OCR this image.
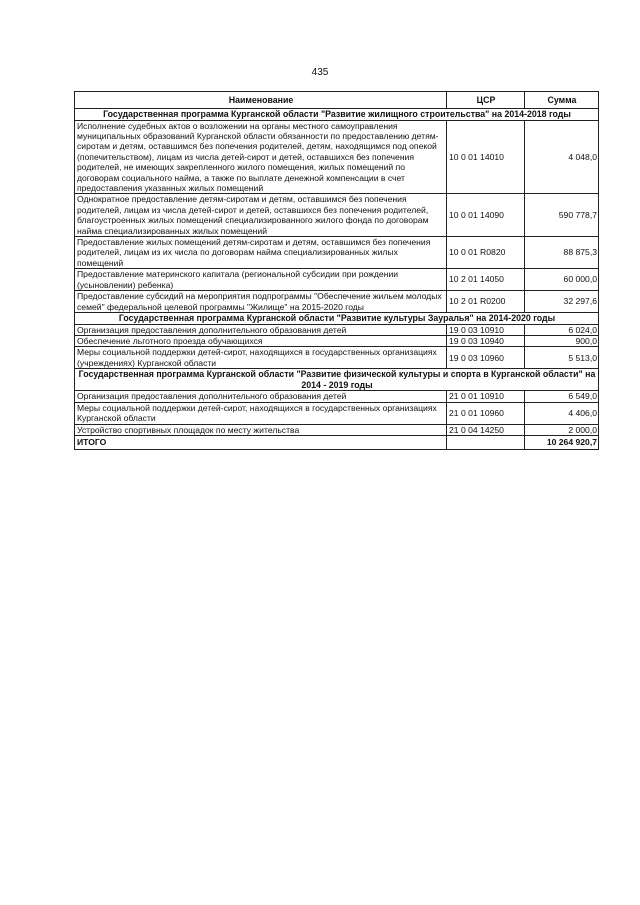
435
Наименование	ЦСР	Сумма
Государственная программа Курганской области "Развитие жилищного строительства" на 2014-2018 годы		
Исполнение судебных актов о возложении на органы местного самоуправления муниципальных образований Курганской области обязанности по предоставлению детям-сиротам и детям, оставшимся без попечения родителей, детям, находящимся под опекой (попечительством), лицам из числа детей-сирот и детей, оставшихся без попечения родителей, не имеющих закрепленного жилого помещения, жилых помещений по договорам социального найма, а также по выплате денежной компенсации в счет предоставления указанных жилых помещений	10 0 01 14010	4 048,0
Однократное предоставление детям-сиротам и детям, оставшимся без попечения родителей, лицам из числа детей-сирот и детей, оставшихся без попечения родителей, благоустроенных жилых помещений специализированного жилого фонда по договорам найма специализированных жилых помещений	10 0 01 14090	590 778,7
Предоставление жилых помещений детям-сиротам и детям, оставшимся без попечения родителей, лицам из их числа по договорам найма специализированных жилых помещений	10 0 01 R0820	88 875,3
Предоставление материнского капитала (региональной субсидии при рождении (усыновлении) ребенка)	10 2 01 14050	60 000,0
Предоставление субсидий на мероприятия подпрограммы "Обеспечение жильем молодых семей" федеральной целевой программы "Жилище" на 2015-2020 годы	10 2 01 R0200	32 297,6
Государственная программа Курганской области "Развитие культуры Зауралья" на 2014-2020 годы		
Организация предоставления дополнительного образования детей	19 0 03 10910	6 024,0
Обеспечение льготного проезда обучающихся	19 0 03 10940	900,0
Меры социальной поддержки детей-сирот, находящихся в государственных организациях (учреждениях) Курганской области	19 0 03 10960	5 513,0
Государственная программа Курганской области "Развитие физической культуры и спорта в Курганской области" на 2014 - 2019 годы		
Организация предоставления дополнительного образования детей	21 0 01 10910	6 549,0
Меры социальной поддержки детей-сирот, находящихся в государственных организациях Курганской области	21 0 01 10960	4 406,0
Устройство спортивных площадок по месту жительства	21 0 04 14250	2 000,0
ИТОГО		10 264 920,7
